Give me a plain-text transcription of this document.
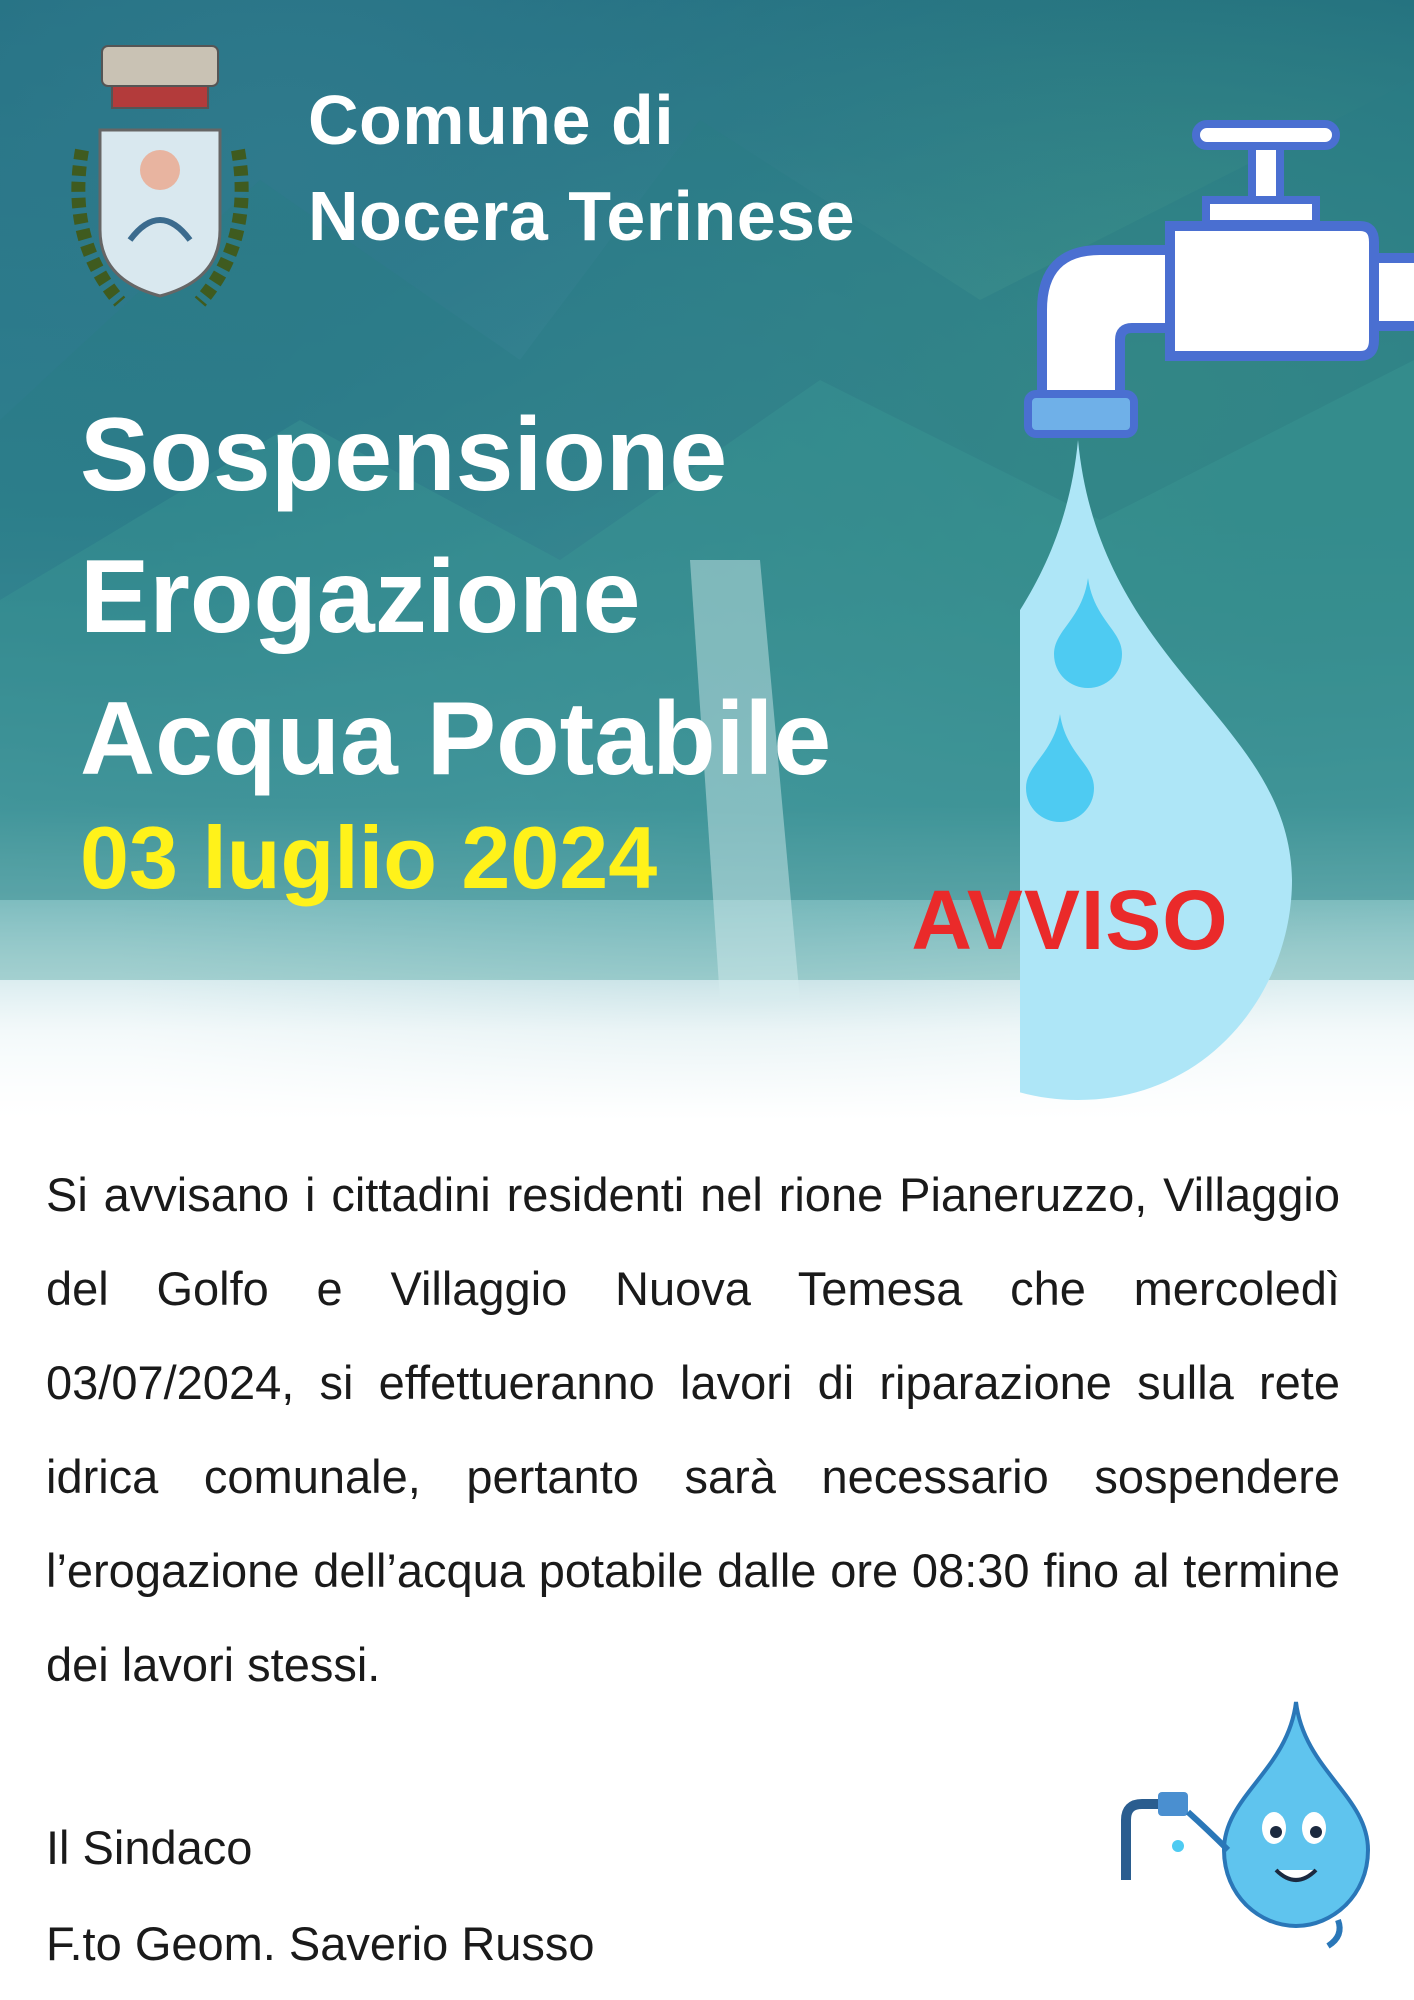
Comune di
Nocera Terinese
Sospensione
Erogazione
Acqua Potabile
03 luglio 2024
AVVISO
Si avvisano i cittadini residenti nel rione Pianeruzzo, Villaggio del Golfo e Villaggio Nuova Temesa che mercoledì 03/07/2024, si effettueranno lavori di riparazione sulla rete idrica comunale, pertanto sarà necessario sospendere l’erogazione dell’acqua potabile dalle ore 08:30 fino al termine dei lavori stessi.
Il Sindaco
F.to Geom. Saverio Russo
